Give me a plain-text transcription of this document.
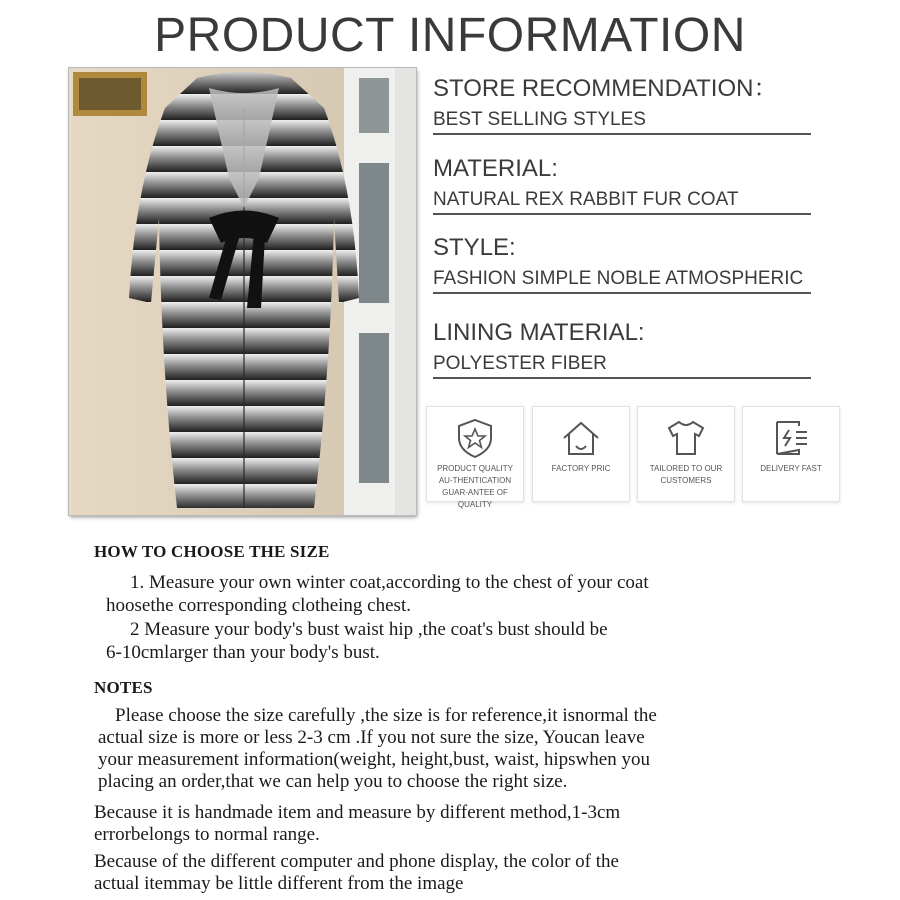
PRODUCT INFORMATION
STORE RECOMMENDATION：
BEST SELLING STYLES
MATERIAL:
NATURAL REX RABBIT FUR COAT
STYLE:
FASHION SIMPLE NOBLE ATMOSPHERIC
LINING MATERIAL:
POLYESTER FIBER
PRODUCT QUALITY AU-THENTICATION GUAR-ANTEE OF QUALITY
FACTORY PRIC	TAILORED TO OUR CUSTOMERS
DELIVERY FAST
HOW TO CHOOSE THE SIZE

1. Measure your own winter coat,according to the chest of your coat

hoosethe corresponding clotheing chest.

2 Measure your body's bust waist hip ,the coat's bust should be

6-10cmlarger than your body's bust.

NOTES

Please choose the size carefully ,the size is for reference,it isnormal the

actual size is more or less 2-3 cm .If you not sure the size, Youcan leave

your measurement information(weight, height,bust, waist, hipswhen you

placing an order,that we can help you to choose the right size.

Because it is handmade item and measure by different method,1-3cm

errorbelongs to normal range.

Because of the different computer and phone display, the color of the

actual itemmay be little different from the image
